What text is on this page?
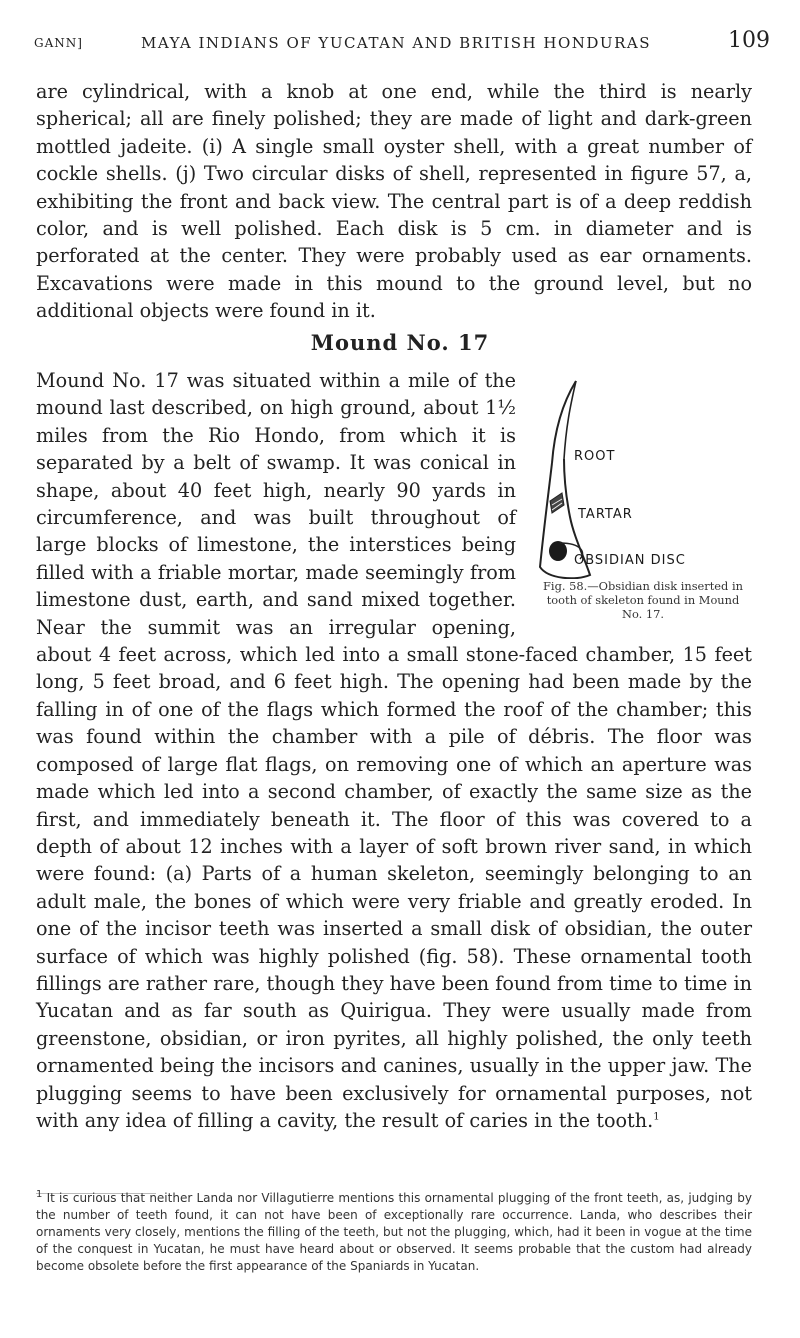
GANN]	MAYA INDIANS OF YUCATAN AND BRITISH HONDURAS	109

are cylindrical, with a knob at one end, while the third is nearly spherical; all are finely polished; they are made of light and dark-green mottled jadeite. (i) A single small oyster shell, with a great number of cockle shells. (j) Two circular disks of shell, represented in figure 57, a, exhibiting the front and back view. The central part is of a deep reddish color, and is well polished. Each disk is 5 cm. in diameter and is perforated at the center. They were probably used as ear ornaments. Excavations were made in this mound to the ground level, but no additional objects were found in it.

Mound No. 17

ROOT
TARTAR
OBSIDIAN DISC
Fig. 58.—Obsidian disk inserted in tooth of skeleton found in Mound No. 17.
Mound No. 17 was situated within a mile of the mound last described, on high ground, about 1½ miles from the Rio Hondo, from which it is separated by a belt of swamp. It was conical in shape, about 40 feet high, nearly 90 yards in circumference, and was built throughout of large blocks of limestone, the interstices being filled with a friable mortar, made seemingly from limestone dust, earth, and sand mixed together. Near the summit was an irregular opening, about 4 feet across, which led into a small stone-faced chamber, 15 feet long, 5 feet broad, and 6 feet high. The opening had been made by the falling in of one of the flags which formed the roof of the chamber; this was found within the chamber with a pile of débris. The floor was composed of large flat flags, on removing one of which an aperture was made which led into a second chamber, of exactly the same size as the first, and immediately beneath it. The floor of this was covered to a depth of about 12 inches with a layer of soft brown river sand, in which were found: (a) Parts of a human skeleton, seemingly belonging to an adult male, the bones of which were very friable and greatly eroded. In one of the incisor teeth was inserted a small disk of obsidian, the outer surface of which was highly polished (fig. 58). These ornamental tooth fillings are rather rare, though they have been found from time to time in Yucatan and as far south as Quirigua. They were usually made from greenstone, obsidian, or iron pyrites, all highly polished, the only teeth ornamented being the incisors and canines, usually in the upper jaw. The plugging seems to have been exclusively for ornamental purposes, not with any idea of filling a cavity, the result of caries in the tooth.$^1$

$^1$ It is curious that neither Landa nor Villagutierre mentions this ornamental plugging of the front teeth, as, judging by the number of teeth found, it can not have been of exceptionally rare occurrence. Landa, who describes their ornaments very closely, mentions the filling of the teeth, but not the plugging, which, had it been in vogue at the time of the conquest in Yucatan, he must have heard about or observed. It seems probable that the custom had already become obsolete before the first appearance of the Spaniards in Yucatan.
